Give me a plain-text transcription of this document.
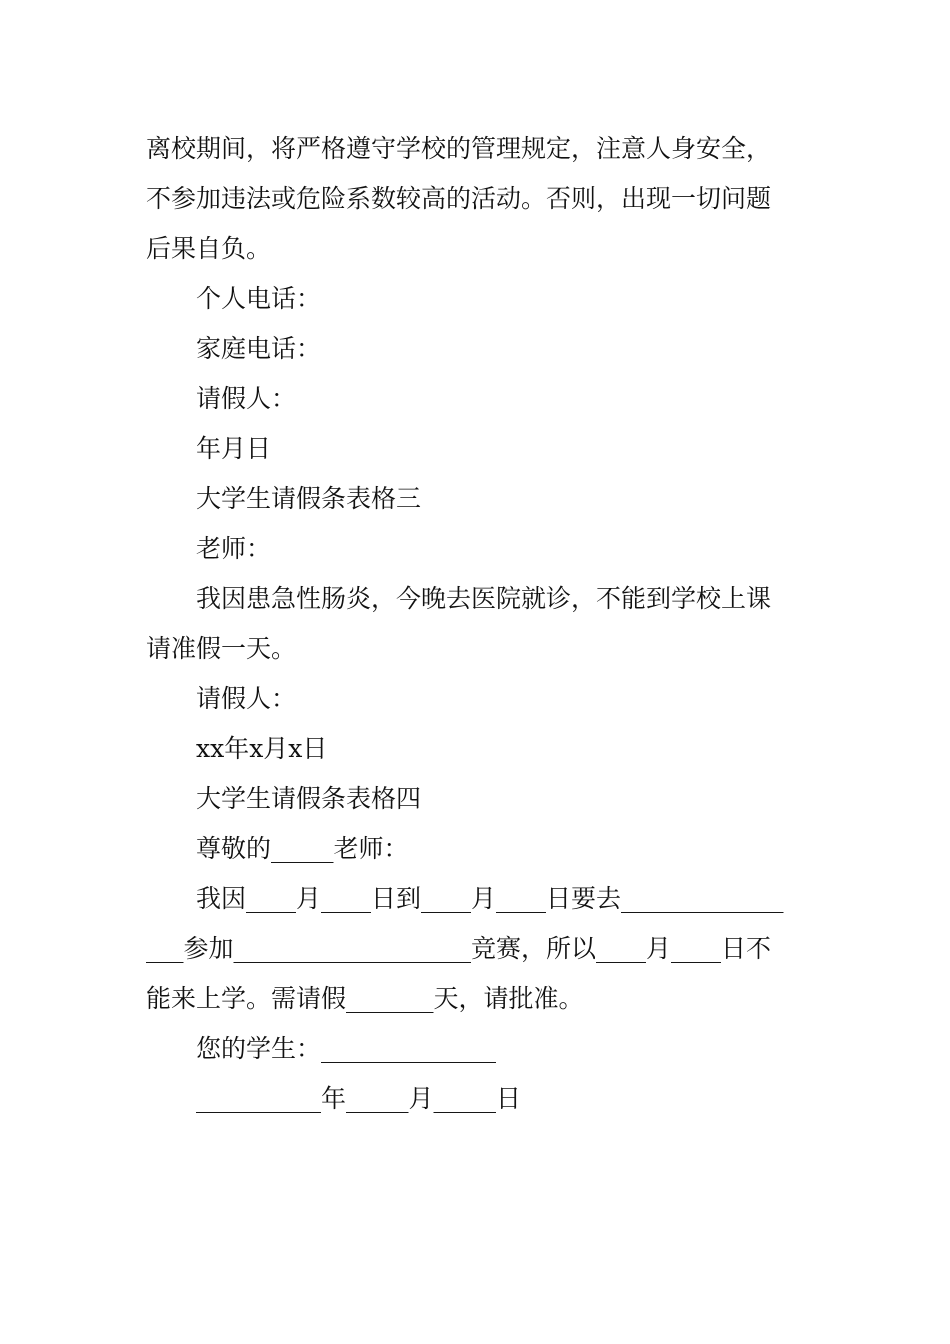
离校期间，将严格遵守学校的管理规定，注意人身安全，
不参加违法或危险系数较高的活动。否则，出现一切问题
后果自负。
个人电话：
家庭电话：
请假人：
年月日
大学生请假条表格三
老师：
我因患急性肠炎，今晚去医院就诊，不能到学校上课
请准假一天。
请假人：
xx年x月x日
大学生请假条表格四
尊敬的_____老师：
我因____月____日到____月____日要去_____________
___参加___________________竞赛，所以____月____日不
能来上学。需请假_______天，请批准。
您的学生：______________
__________年_____月_____日
